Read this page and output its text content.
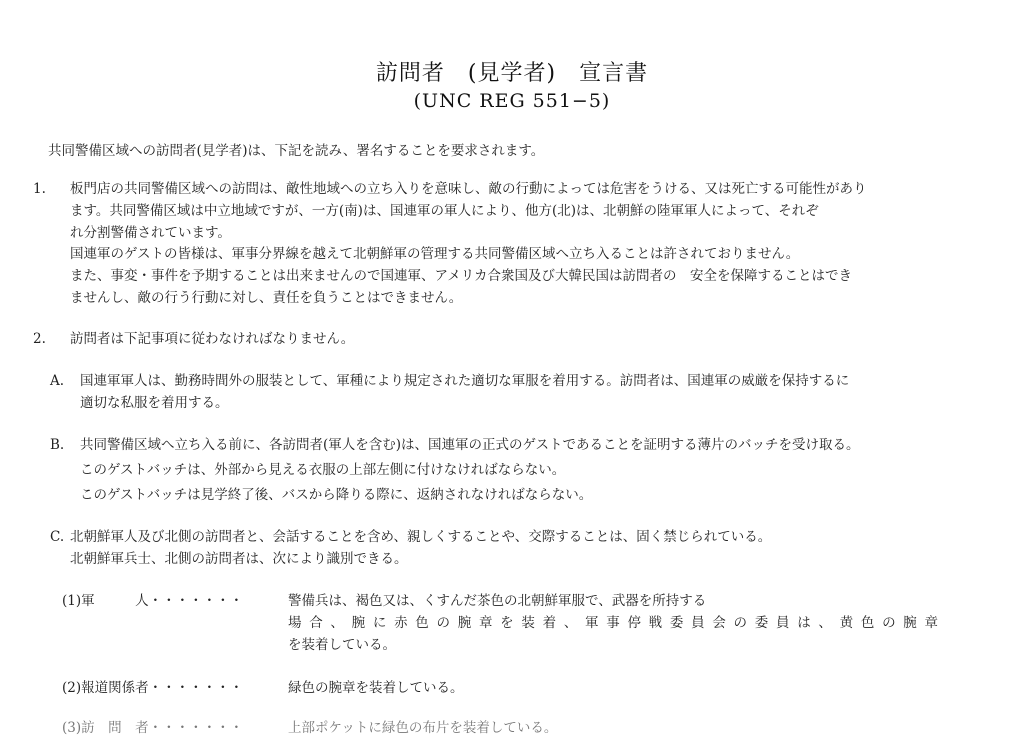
訪問者　(見学者)　宣言書
(UNC REG 551−5)
共同警備区域への訪問者(見学者)は、下記を読み、署名することを要求されます。
1. 板門店の共同警備区域への訪問は、敵性地域への立ち入りを意味し、敵の行動によっては危害をうける、又は死亡する可能性があり
ます。共同警備区域は中立地域ですが、一方(南)は、国連軍の軍人により、他方(北)は、北朝鮮の陸軍軍人によって、それぞ
れ分割警備されています。
国連軍のゲストの皆様は、軍事分界線を越えて北朝鮮軍の管理する共同警備区域へ立ち入ることは許されておりません。
また、事変・事件を予期することは出来ませんので国連軍、アメリカ合衆国及び大韓民国は訪問者の　安全を保障することはでき
ませんし、敵の行う行動に対し、責任を負うことはできません。
2. 訪問者は下記事項に従わなければなりません。
A. 国連軍軍人は、勤務時間外の服装として、軍種により規定された適切な軍服を着用する。訪問者は、国連軍の威厳を保持するに
適切な私服を着用する。
B. 共同警備区域へ立ち入る前に、各訪問者(軍人を含む)は、国連軍の正式のゲストであることを証明する薄片のバッチを受け取る。
このゲストバッチは、外部から見える衣服の上部左側に付けなければならない。
このゲストバッチは見学終了後、バスから降りる際に、返納されなければならない。
C. 北朝鮮軍人及び北側の訪問者と、会話することを含め、親しくすることや、交際することは、固く禁じられている。
北朝鮮軍兵士、北側の訪問者は、次により識別できる。
(1)軍　　　人・・・・・・・	警備兵は、褐色又は、くすんだ茶色の北朝鮮軍服で、武器を所持する
場合、腕に赤色の腕章を装着、軍事停戦委員会の委員は、黄色の腕章
を装着している。
(2)報道関係者・・・・・・・	緑色の腕章を装着している。
(3)訪　問　者・・・・・・・	上部ポケットに緑色の布片を装着している。
